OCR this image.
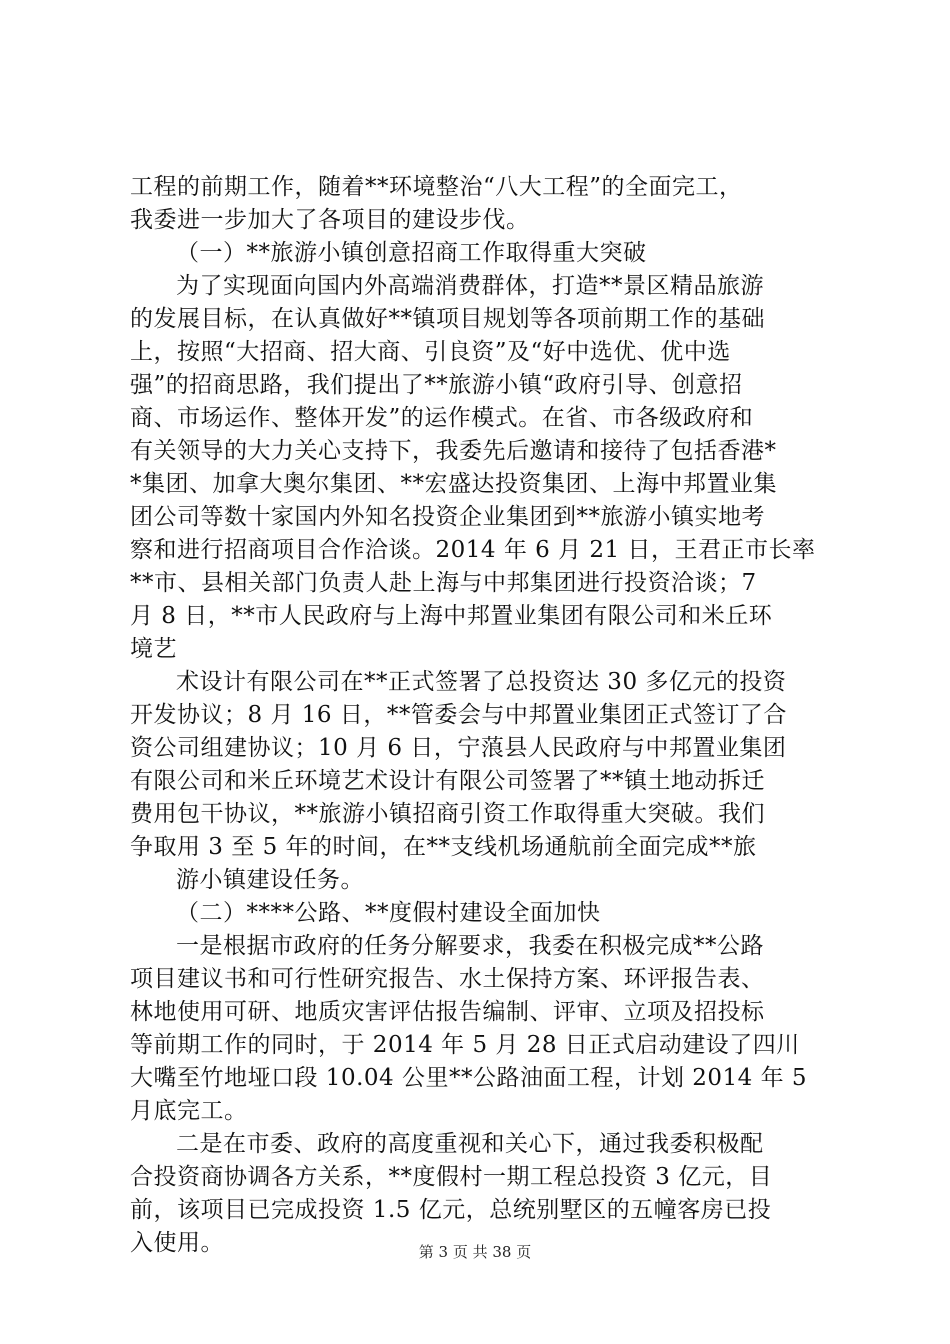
工程的前期工作，随着**环境整治“八大工程”的全面完工，
我委进一步加大了各项目的建设步伐。
（一）**旅游小镇创意招商工作取得重大突破
为了实现面向国内外高端消费群体，打造**景区精品旅游
的发展目标，在认真做好**镇项目规划等各项前期工作的基础
上，按照“大招商、招大商、引良资”及“好中选优、优中选
强”的招商思路，我们提出了**旅游小镇“政府引导、创意招
商、市场运作、整体开发”的运作模式。在省、市各级政府和
有关领导的大力关心支持下，我委先后邀请和接待了包括香港*
*集团、加拿大奥尔集团、**宏盛达投资集团、上海中邦置业集
团公司等数十家国内外知名投资企业集团到**旅游小镇实地考
察和进行招商项目合作洽谈。2014 年 6 月 21 日，王君正市长率
**市、县相关部门负责人赴上海与中邦集团进行投资洽谈；7
月 8 日，**市人民政府与上海中邦置业集团有限公司和米丘环
境艺
术设计有限公司在**正式签署了总投资达 30 多亿元的投资
开发协议；8 月 16 日，**管委会与中邦置业集团正式签订了合
资公司组建协议；10 月 6 日，宁蒗县人民政府与中邦置业集团
有限公司和米丘环境艺术设计有限公司签署了**镇土地动拆迁
费用包干协议，**旅游小镇招商引资工作取得重大突破。我们
争取用 3 至 5 年的时间，在**支线机场通航前全面完成**旅
游小镇建设任务。
（二）****公路、**度假村建设全面加快
一是根据市政府的任务分解要求，我委在积极完成**公路
项目建议书和可行性研究报告、水土保持方案、环评报告表、
林地使用可研、地质灾害评估报告编制、评审、立项及招投标
等前期工作的同时，于 2014 年 5 月 28 日正式启动建设了四川
大嘴至竹地垭口段 10.04 公里**公路油面工程，计划 2014 年 5
月底完工。
二是在市委、政府的高度重视和关心下，通过我委积极配
合投资商协调各方关系，**度假村一期工程总投资 3 亿元，目
前，该项目已完成投资 1.5 亿元，总统别墅区的五幢客房已投
入使用。	第 3 页 共 38 页
